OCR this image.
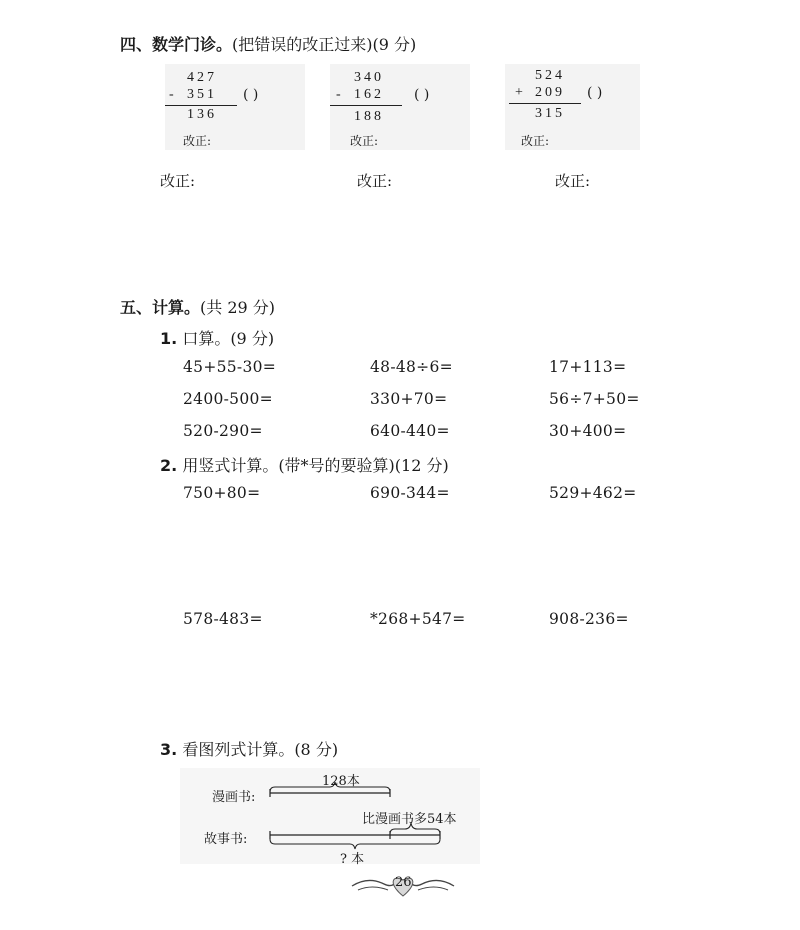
四、数学门诊。(把错误的改正过来)(9 分)
427
- 351
136
( )
改正:
340
- 162
188
( )
改正:
524
+ 209
315
( )
改正:
改正:	改正:	改正:
五、计算。(共 29 分)
1. 口算。(9 分)
45+55-30=	48-48÷6=	17+113=
2400-500=	330+70=	56÷7+50=
520-290=	640-440=	30+400=
2. 用竖式计算。(带*号的要验算)(12 分)
750+80=	690-344=	529+462=
578-483=	*268+547=	908-236=
3. 看图列式计算。(8 分)
128本
漫画书:
比漫画书多54本
故事书:
? 本
26
